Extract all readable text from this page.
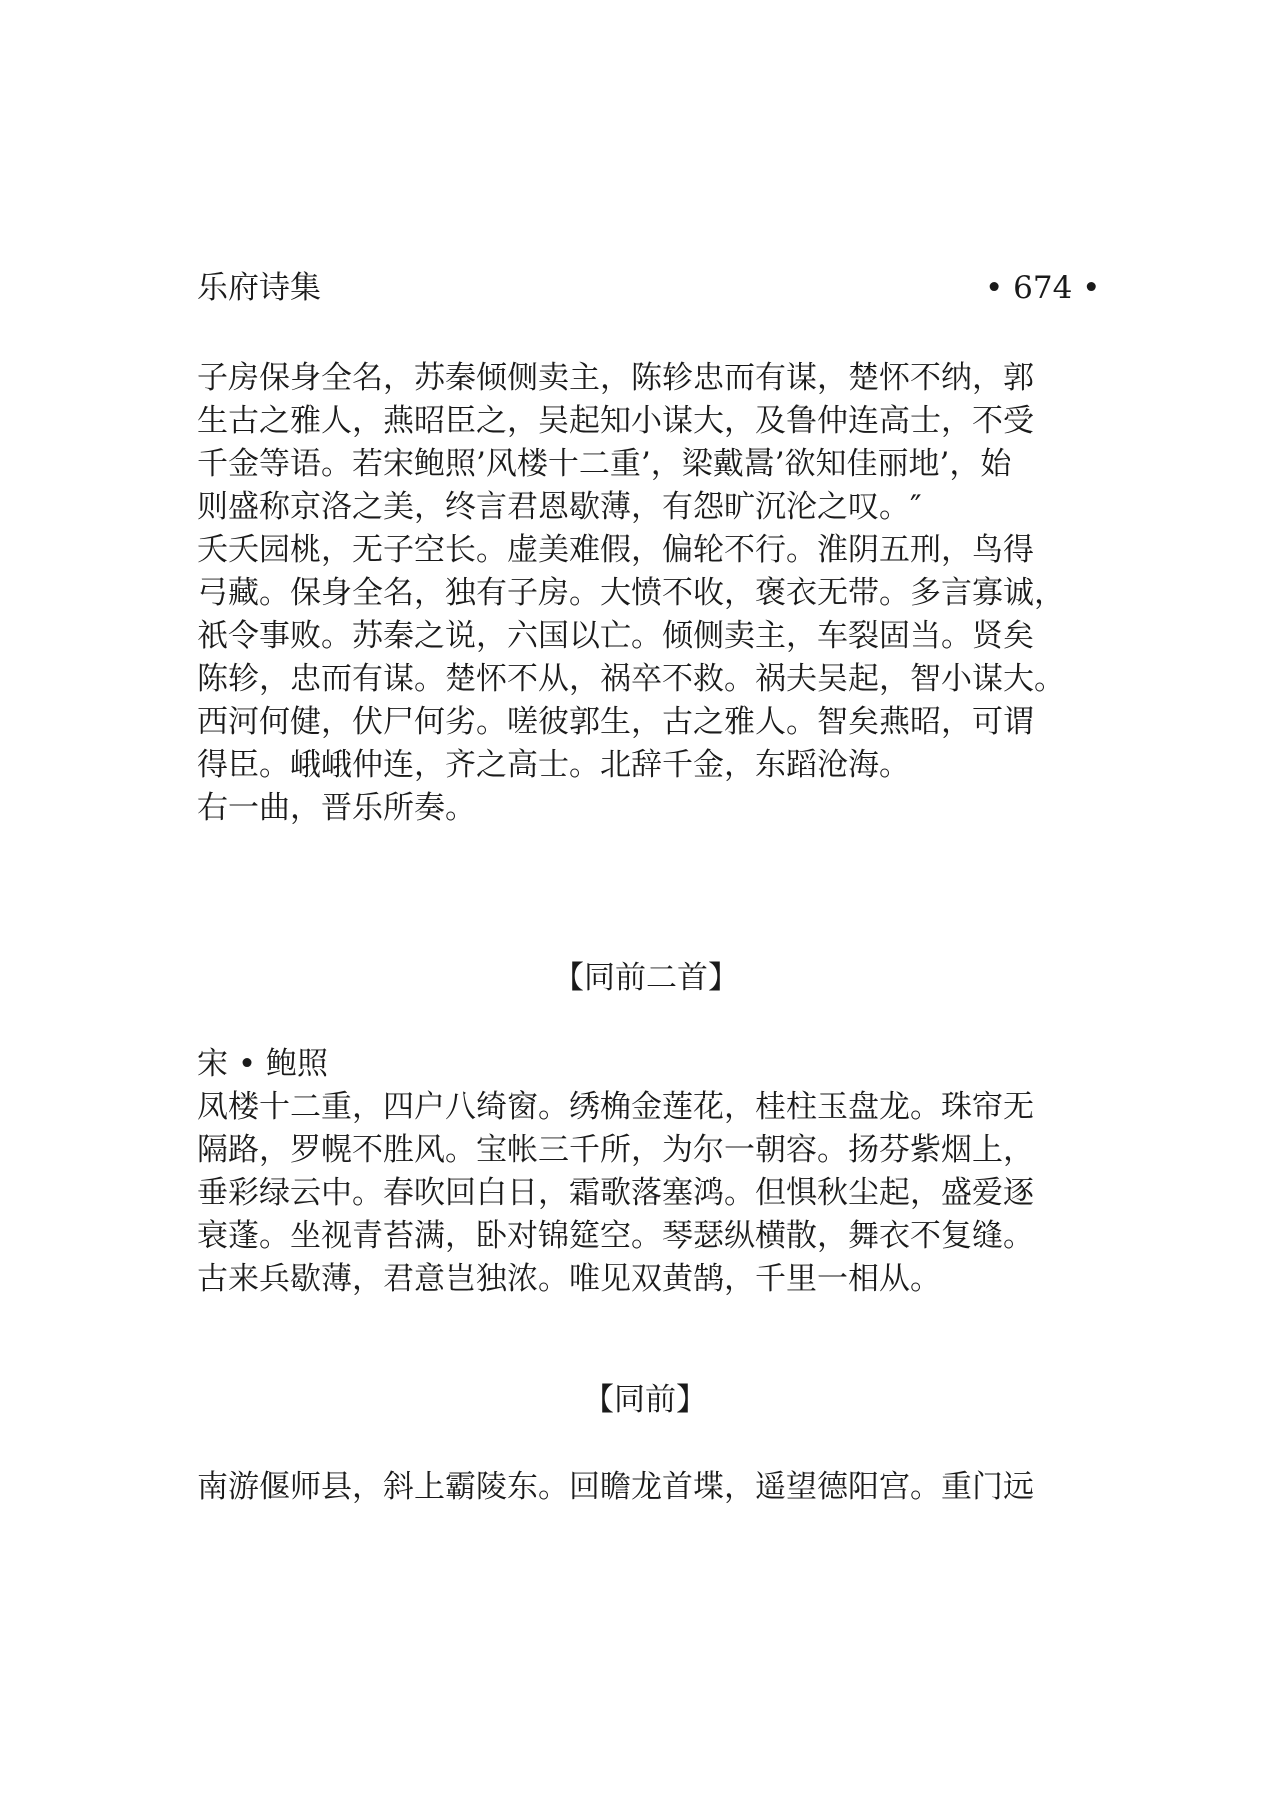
乐府诗集	• 674 •
子房保身全名，苏秦倾侧卖主，陈轸忠而有谋，楚怀不纳，郭
生古之雅人，燕昭臣之，吴起知小谋大，及鲁仲连高士，不受
千金等语。若宋鲍照’风楼十二重’，梁戴暠’欲知佳丽地’，始
则盛称京洛之美，终言君恩歇薄，有怨旷沉沦之叹。″
夭夭园桃，无子空长。虚美难假，偏轮不行。淮阴五刑，鸟得
弓藏。保身全名，独有子房。大愤不收，褒衣无带。多言寡诚，
祇令事败。苏秦之说，六国以亡。倾侧卖主，车裂固当。贤矣
陈轸，忠而有谋。楚怀不从，祸卒不救。祸夫吴起，智小谋大。
西河何健，伏尸何劣。嗟彼郭生，古之雅人。智矣燕昭，可谓
得臣。峨峨仲连，齐之高士。北辞千金，东蹈沧海。
右一曲，晋乐所奏。
【同前二首】
宋 • 鲍照
凤楼十二重，四户八绮窗。绣桷金莲花，桂柱玉盘龙。珠帘无
隔路，罗幌不胜风。宝帐三千所，为尔一朝容。扬芬紫烟上，
垂彩绿云中。春吹回白日，霜歌落塞鸿。但惧秋尘起，盛爱逐
衰蓬。坐视青苔满，卧对锦筵空。琴瑟纵横散，舞衣不复缝。
古来兵歇薄，君意岂独浓。唯见双黄鹄，千里一相从。
【同前】
南游偃师县，斜上霸陵东。回瞻龙首堞，遥望德阳宫。重门远
